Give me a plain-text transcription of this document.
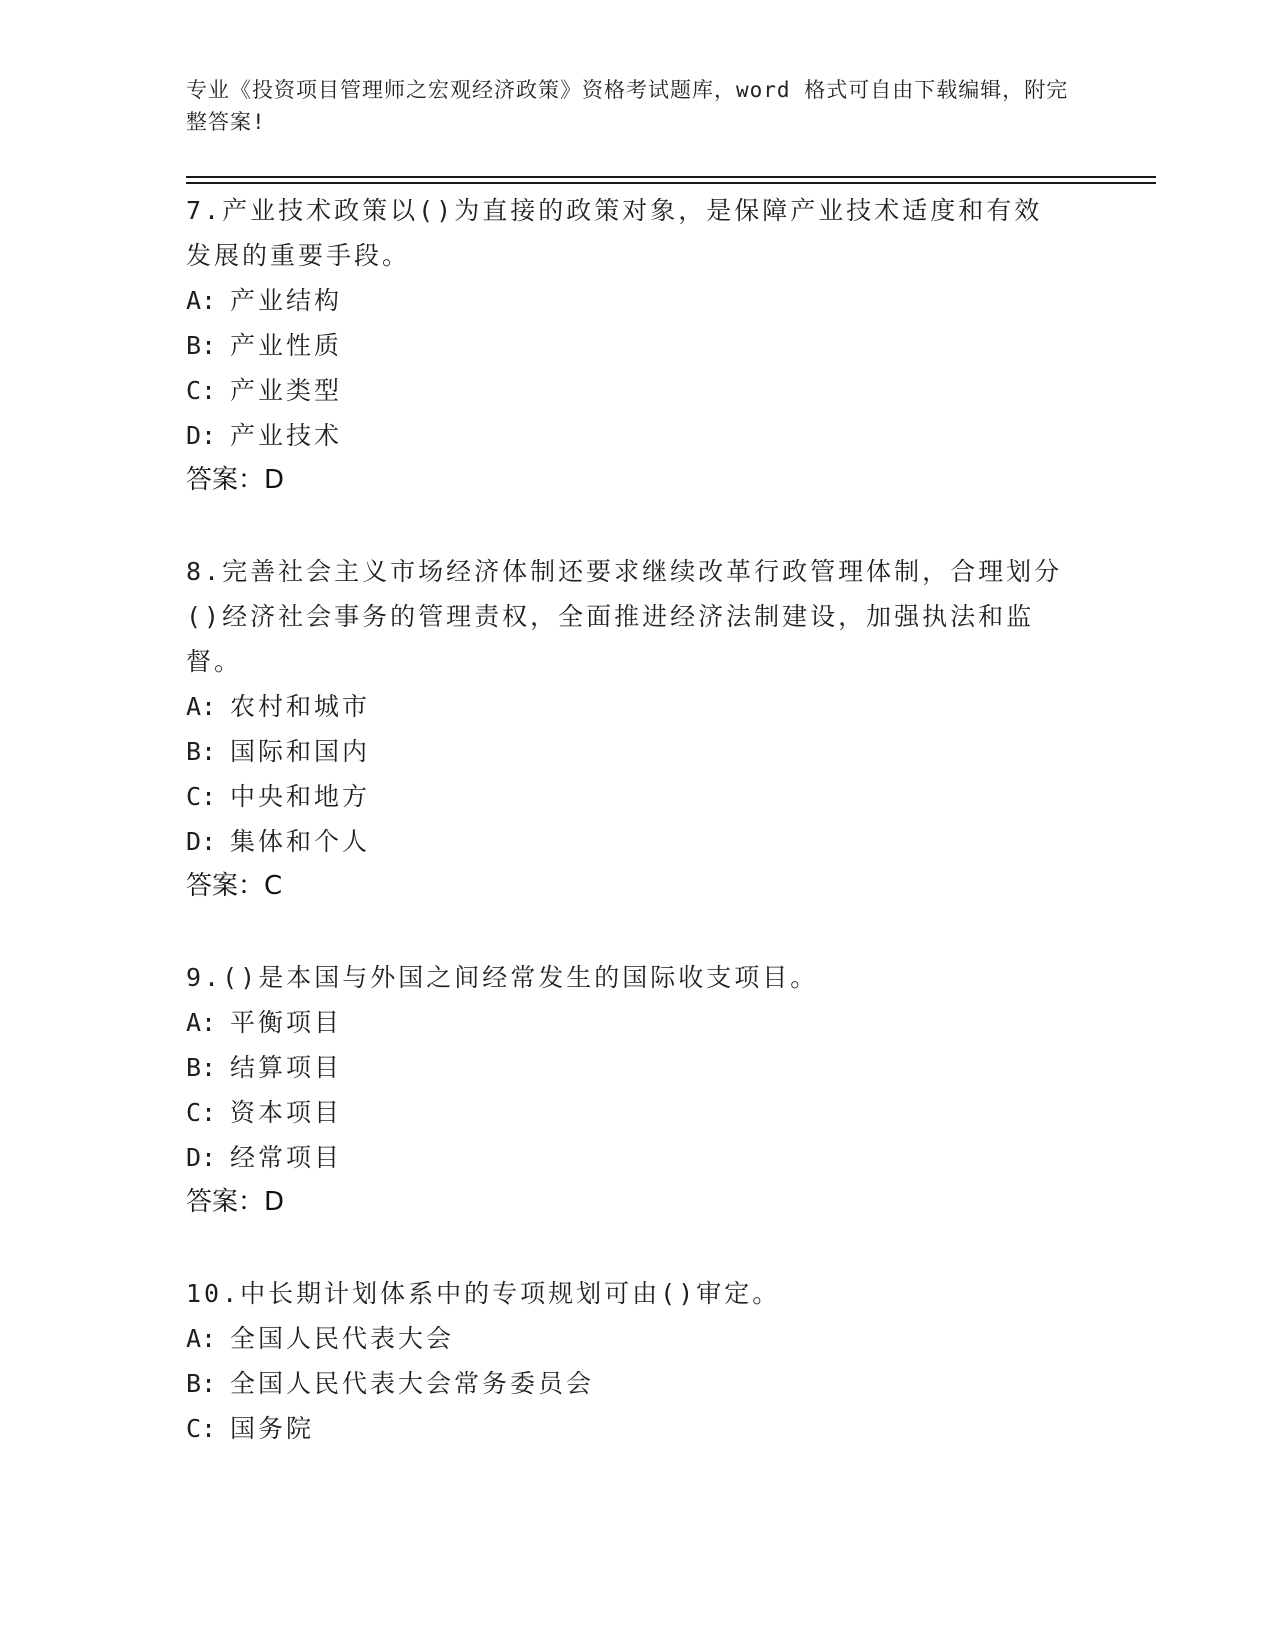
专业《投资项目管理师之宏观经济政策》资格考试题库，word 格式可自由下载编辑，附完整答案!
7.产业技术政策以()为直接的政策对象，是保障产业技术适度和有效发展的重要手段。
A: 产业结构
B: 产业性质
C: 产业类型
D: 产业技术
答案：D
8.完善社会主义市场经济体制还要求继续改革行政管理体制，合理划分()经济社会事务的管理责权，全面推进经济法制建设，加强执法和监督。
A: 农村和城市
B: 国际和国内
C: 中央和地方
D: 集体和个人
答案：C
9.()是本国与外国之间经常发生的国际收支项目。
A: 平衡项目
B: 结算项目
C: 资本项目
D: 经常项目
答案：D
10.中长期计划体系中的专项规划可由()审定。
A: 全国人民代表大会
B: 全国人民代表大会常务委员会
C: 国务院
